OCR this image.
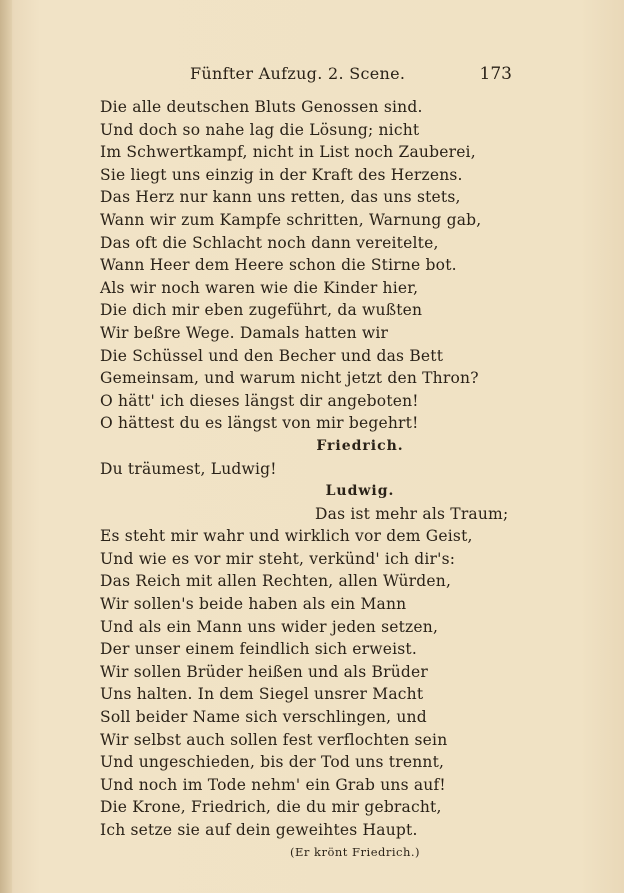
Fünfter Aufzug. 2. Scene.	173
Die alle deutschen Bluts Genossen sind.
Und doch so nahe lag die Lösung; nicht
Im Schwertkampf, nicht in List noch Zauberei,
Sie liegt uns einzig in der Kraft des Herzens.
Das Herz nur kann uns retten, das uns stets,
Wann wir zum Kampfe schritten, Warnung gab,
Das oft die Schlacht noch dann vereitelte,
Wann Heer dem Heere schon die Stirne bot.
Als wir noch waren wie die Kinder hier,
Die dich mir eben zugeführt, da wußten
Wir beßre Wege. Damals hatten wir
Die Schüssel und den Becher und das Bett
Gemeinsam, und warum nicht jetzt den Thron?
O hätt' ich dieses längst dir angeboten!
O hättest du es längst von mir begehrt!
Friedrich.
Du träumest, Ludwig!
Ludwig.
Das ist mehr als Traum;
Es steht mir wahr und wirklich vor dem Geist,
Und wie es vor mir steht, verkünd' ich dir's:
Das Reich mit allen Rechten, allen Würden,
Wir sollen's beide haben als ein Mann
Und als ein Mann uns wider jeden setzen,
Der unser einem feindlich sich erweist.
Wir sollen Brüder heißen und als Brüder
Uns halten. In dem Siegel unsrer Macht
Soll beider Name sich verschlingen, und
Wir selbst auch sollen fest verflochten sein
Und ungeschieden, bis der Tod uns trennt,
Und noch im Tode nehm' ein Grab uns auf!
Die Krone, Friedrich, die du mir gebracht,
Ich setze sie auf dein geweihtes Haupt.
(Er krönt Friedrich.)
